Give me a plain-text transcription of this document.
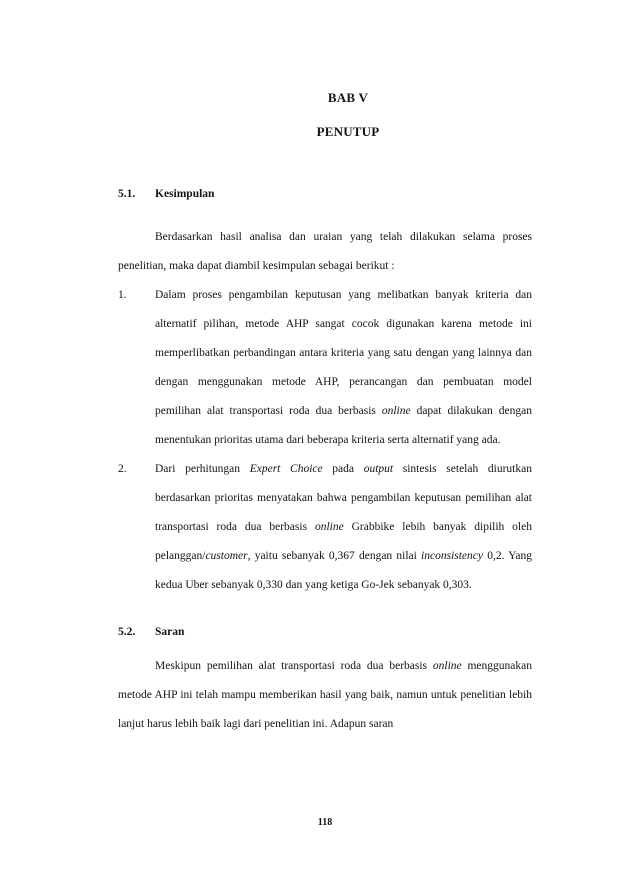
BAB V
PENUTUP
5.1. Kesimpulan

Berdasarkan hasil analisa dan uraian yang telah dilakukan selama proses penelitian, maka dapat diambil kesimpulan sebagai berikut :

1. Dalam proses pengambilan keputusan yang melibatkan banyak kriteria dan alternatif pilihan, metode AHP sangat cocok digunakan karena metode ini memperlibatkan perbandingan antara kriteria yang satu dengan yang lainnya dan dengan menggunakan metode AHP, perancangan dan pembuatan model pemilihan alat transportasi roda dua berbasis online dapat dilakukan dengan menentukan prioritas utama dari beberapa kriteria serta alternatif yang ada.
2. Dari perhitungan Expert Choice pada output sintesis setelah diurutkan berdasarkan prioritas menyatakan bahwa pengambilan keputusan pemilihan alat transportasi roda dua berbasis online Grabbike lebih banyak dipilih oleh pelanggan/customer, yaitu sebanyak 0,367 dengan nilai inconsistency 0,2. Yang kedua Uber sebanyak 0,330 dan yang ketiga Go-Jek sebanyak 0,303.
5.2. Saran

Meskipun pemilihan alat transportasi roda dua berbasis online menggunakan metode AHP ini telah mampu memberikan hasil yang baik, namun untuk penelitian lebih lanjut harus lebih baik lagi dari penelitian ini. Adapun saran

118
